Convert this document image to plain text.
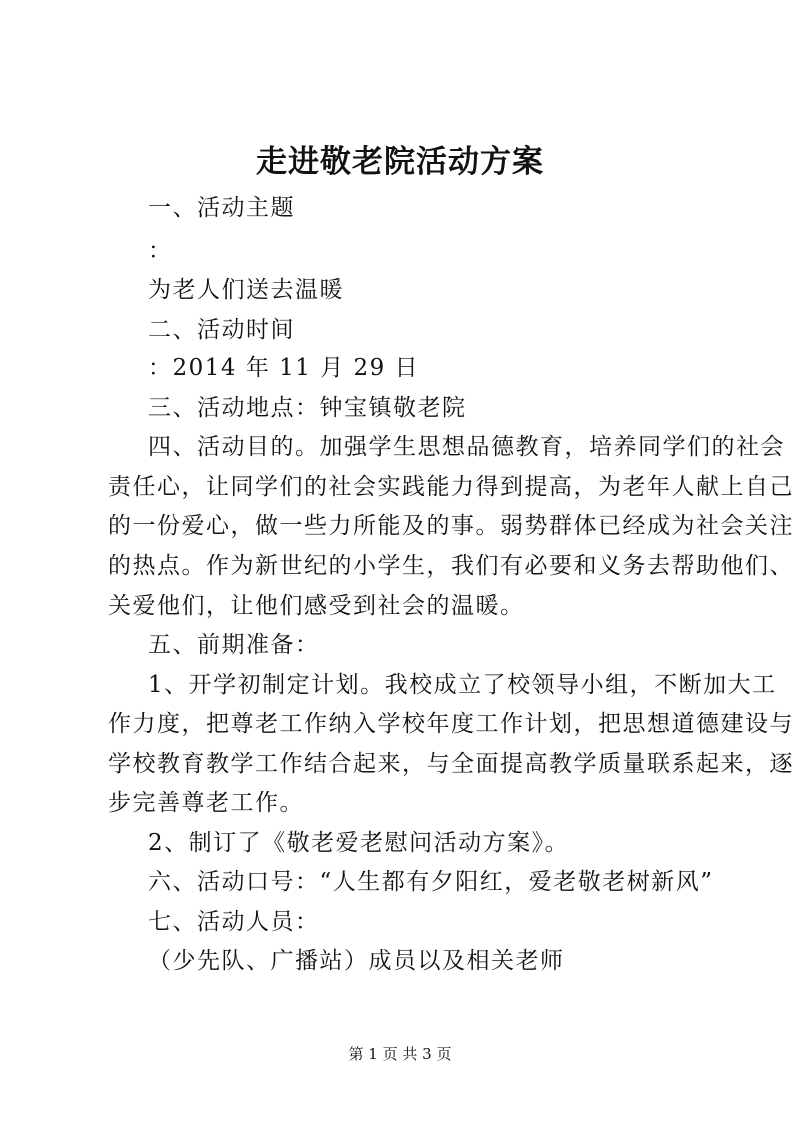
走进敬老院活动方案
一、活动主题
：
为老人们送去温暖
二、活动时间
：2014 年 11 月 29 日
三、活动地点：钟宝镇敬老院
四、活动目的。加强学生思想品德教育，培养同学们的社会
责任心，让同学们的社会实践能力得到提高，为老年人献上自己
的一份爱心，做一些力所能及的事。弱势群体已经成为社会关注
的热点。作为新世纪的小学生，我们有必要和义务去帮助他们、
关爱他们，让他们感受到社会的温暖。
五、前期准备：
1、开学初制定计划。我校成立了校领导小组，不断加大工
作力度，把尊老工作纳入学校年度工作计划，把思想道德建设与
学校教育教学工作结合起来，与全面提高教学质量联系起来，逐
步完善尊老工作。
2、制订了《敬老爱老慰问活动方案》。
六、活动口号：“人生都有夕阳红，爱老敬老树新风”
七、活动人员：
（少先队、广播站）成员以及相关老师
第 1 页 共 3 页
